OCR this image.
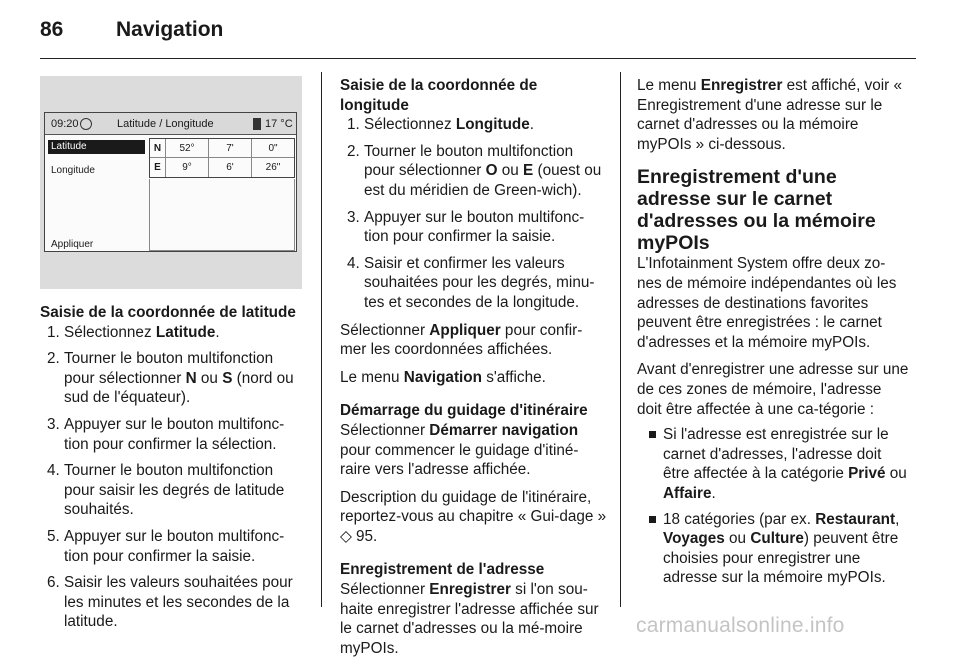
86	Navigation
09:20	Latitude / Longitude	17 °C
Latitude
Longitude
Appliquer
N	52°	7'	0"
E	9°	6'	26"
Saisie de la coordonnée de latitude
1. Sélectionnez Latitude.
2. Tourner le bouton multifonction pour sélectionner N ou S (nord ou sud de l'équateur).
3. Appuyer sur le bouton multifonc-tion pour confirmer la sélection.
4. Tourner le bouton multifonction pour saisir les degrés de latitude souhaités.
5. Appuyer sur le bouton multifonc-tion pour confirmer la saisie.
6. Saisir les valeurs souhaitées pour les minutes et les secondes de la latitude.
Saisie de la coordonnée de longitude
1. Sélectionnez Longitude.
2. Tourner le bouton multifonction pour sélectionner O ou E (ouest ou est du méridien de Green-wich).
3. Appuyer sur le bouton multifonc-tion pour confirmer la saisie.
4. Saisir et confirmer les valeurs souhaitées pour les degrés, minu-tes et secondes de la longitude.

Sélectionner Appliquer pour confir-mer les coordonnées affichées.

Le menu Navigation s'affiche.

Démarrage du guidage d'itinéraire

Sélectionner Démarrer navigation pour commencer le guidage d'itiné-raire vers l'adresse affichée.

Description du guidage de l'itinéraire, reportez-vous au chapitre « Gui-dage » ◇ 95.

Enregistrement de l'adresse

Sélectionner Enregistrer si l'on sou-haite enregistrer l'adresse affichée sur le carnet d'adresses ou la mé-moire myPOIs.

Le menu Enregistrer est affiché, voir « Enregistrement d'une adresse sur le carnet d'adresses ou la mémoire myPOIs » ci-dessous.

Enregistrement d'une adresse sur le carnet d'adresses ou la mémoire myPOIs

L'Infotainment System offre deux zo-nes de mémoire indépendantes où les adresses de destinations favorites peuvent être enregistrées : le carnet d'adresses et la mémoire myPOIs.

Avant d'enregistrer une adresse sur une de ces zones de mémoire, l'adresse doit être affectée à une ca-tégorie :

Si l'adresse est enregistrée sur le carnet d'adresses, l'adresse doit être affectée à la catégorie Privé ou Affaire.
18 catégories (par ex. Restaurant, Voyages ou Culture) peuvent être choisies pour enregistrer une adresse sur la mémoire myPOIs.
carmanualsonline.info
